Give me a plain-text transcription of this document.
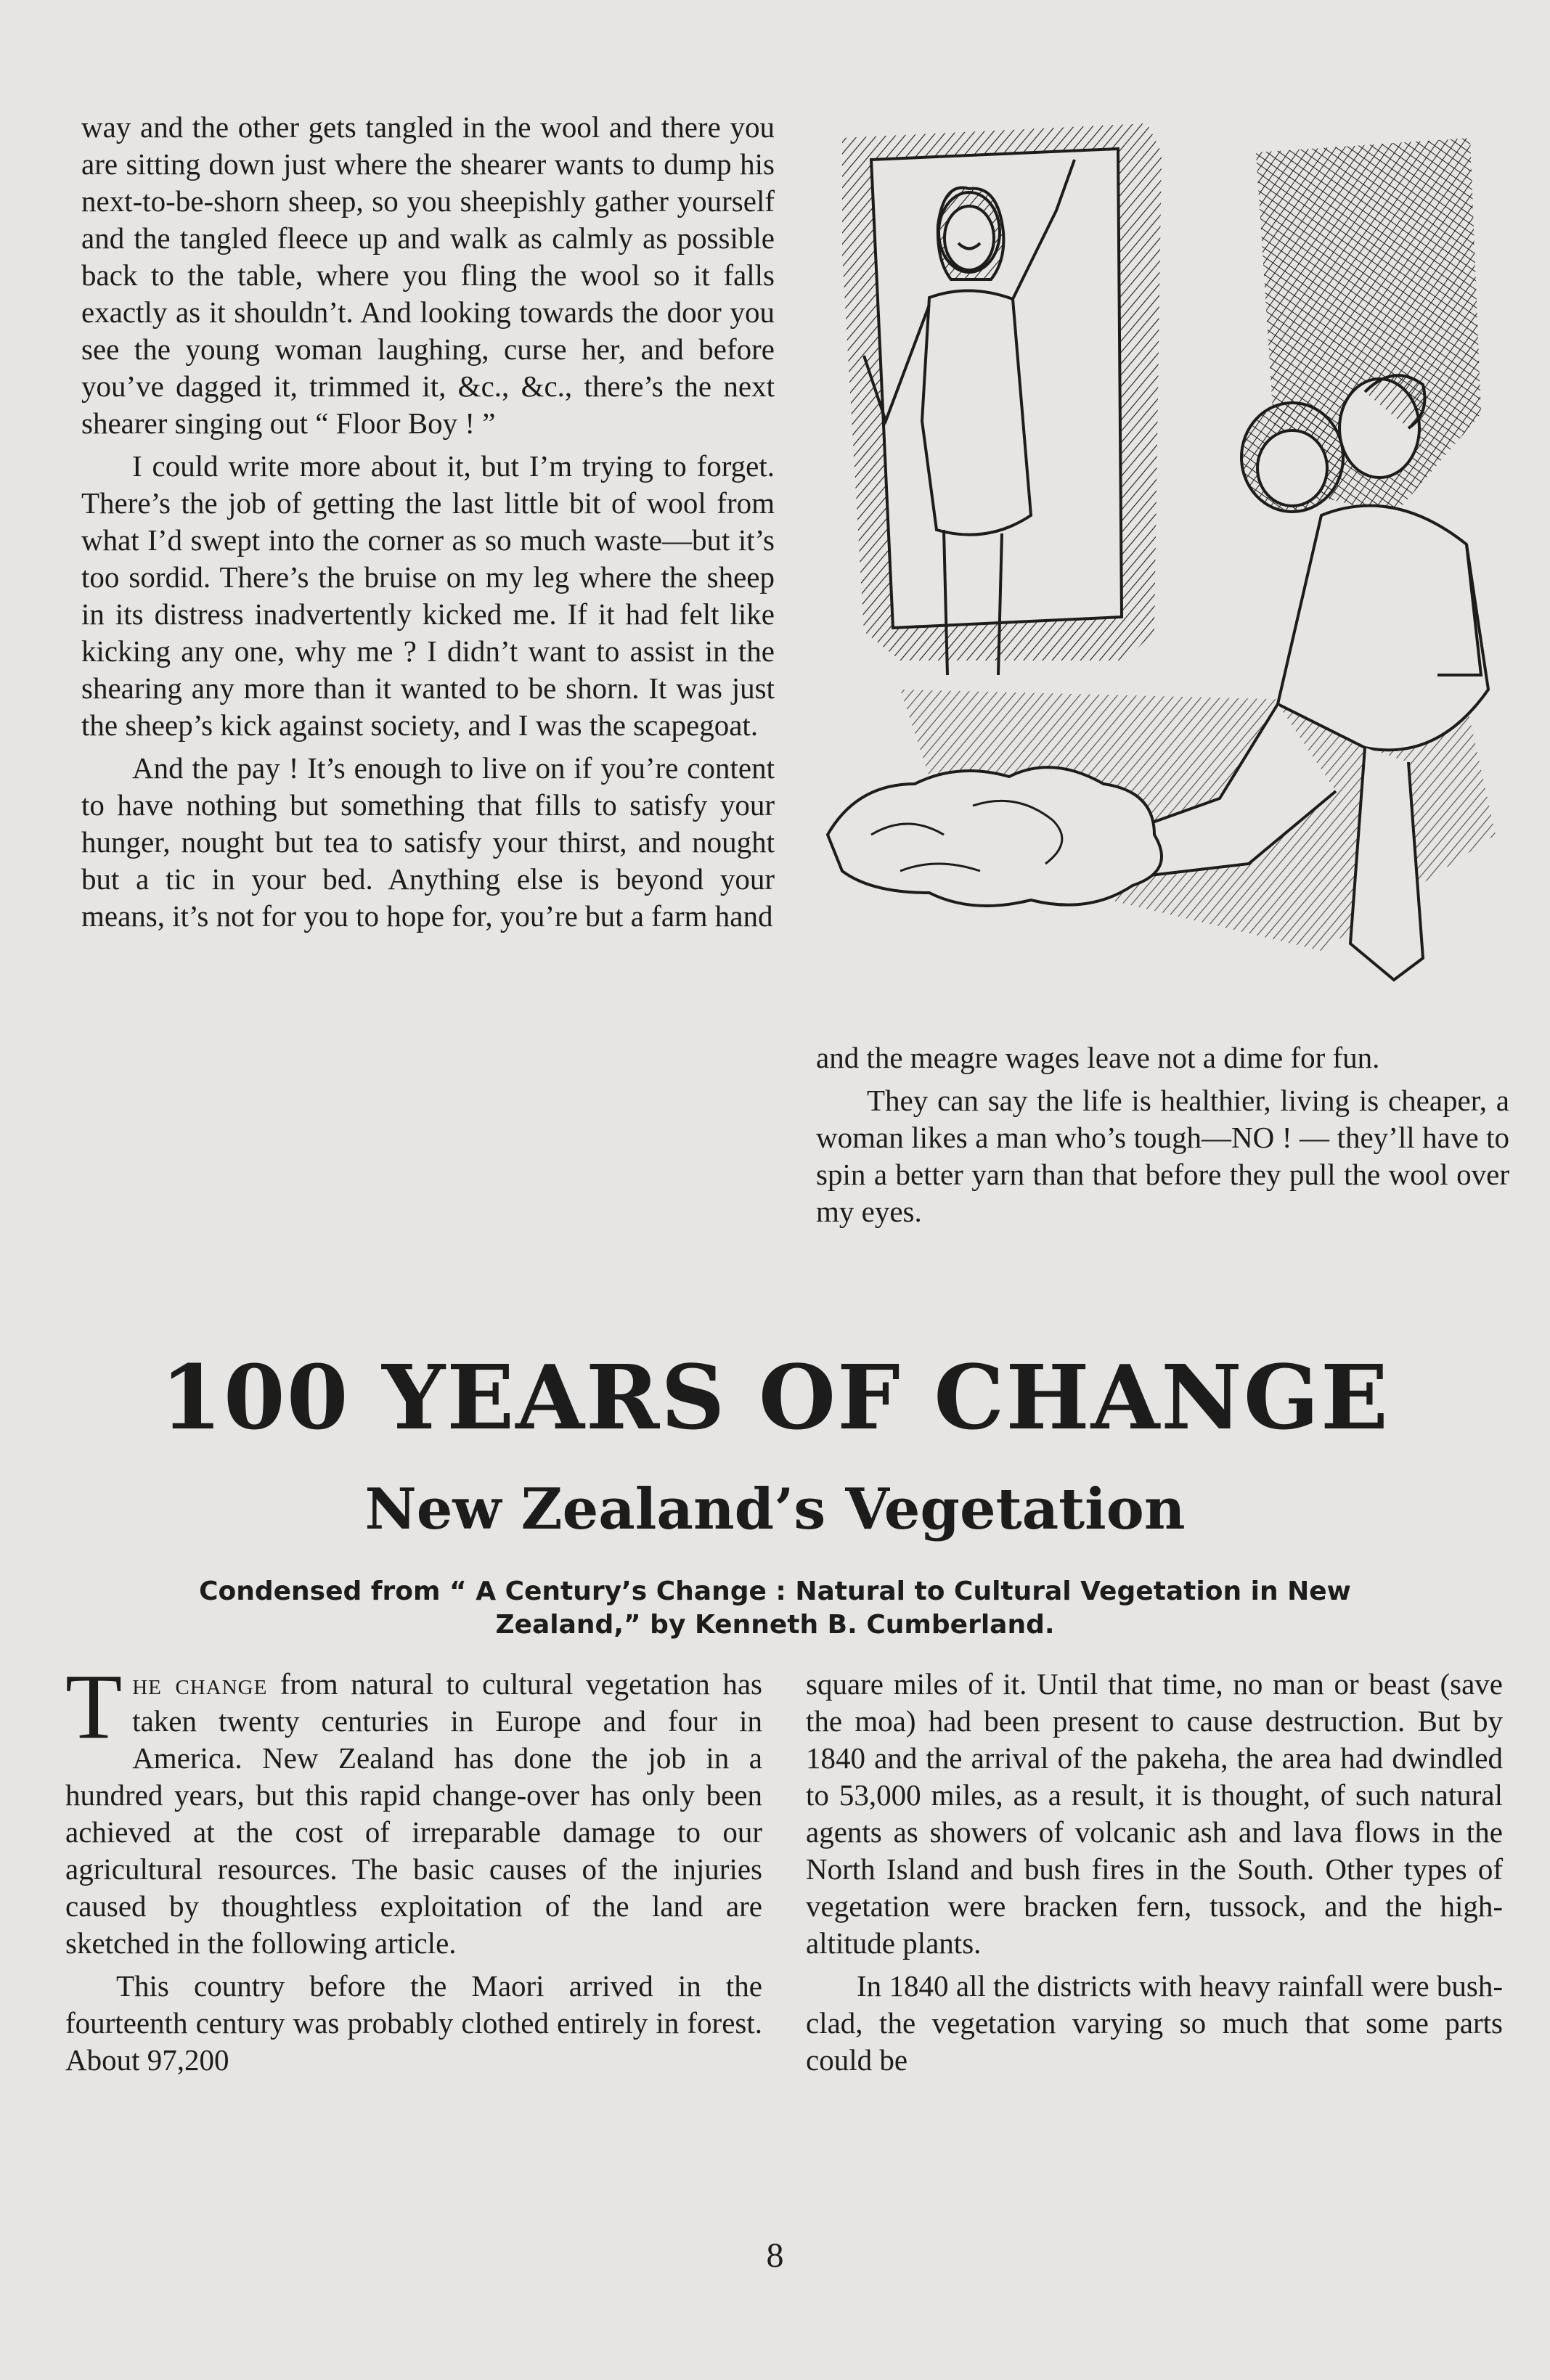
way and the other gets tangled in the wool and there you are sitting down just where the shearer wants to dump his next-to-be-shorn sheep, so you sheepishly gather yourself and the tangled fleece up and walk as calmly as possible back to the table, where you fling the wool so it falls exactly as it shouldn’t. And looking towards the door you see the young woman laughing, curse her, and before you’ve dagged it, trimmed it, &c., &c., there’s the next shearer singing out “ Floor Boy ! ”

I could write more about it, but I’m trying to forget. There’s the job of getting the last little bit of wool from what I’d swept into the corner as so much waste—but it’s too sordid. There’s the bruise on my leg where the sheep in its distress inadvertently kicked me. If it had felt like kicking any one, why me ? I didn’t want to assist in the shearing any more than it wanted to be shorn. It was just the sheep’s kick against society, and I was the scapegoat.

And the pay ! It’s enough to live on if you’re content to have nothing but something that fills to satisfy your hunger, nought but tea to satisfy your thirst, and nought but a tic in your bed. Anything else is beyond your means, it’s not for you to hope for, you’re but a farm hand

and the meagre wages leave not a dime for fun.

They can say the life is healthier, living is cheaper, a woman likes a man who’s tough—NO ! — they’ll have to spin a better yarn than that before they pull the wool over my eyes.

100 YEARS OF CHANGE
New Zealand’s Vegetation

Condensed from “ A Century’s Change : Natural to Cultural Vegetation in New
Zealand,” by Kenneth B. Cumberland.

The change from natural to cultural vegetation has taken twenty centuries in Europe and four in America. New Zealand has done the job in a hundred years, but this rapid change-over has only been achieved at the cost of irreparable damage to our agricultural resources. The basic causes of the injuries caused by thoughtless exploitation of the land are sketched in the following article.

This country before the Maori arrived in the fourteenth century was probably clothed entirely in forest. About 97,200

square miles of it. Until that time, no man or beast (save the moa) had been present to cause destruction. But by 1840 and the arrival of the pakeha, the area had dwindled to 53,000 miles, as a result, it is thought, of such natural agents as showers of volcanic ash and lava flows in the North Island and bush fires in the South. Other types of vegetation were bracken fern, tussock, and the high-altitude plants.

In 1840 all the districts with heavy rainfall were bush-clad, the vegetation varying so much that some parts could be

8
